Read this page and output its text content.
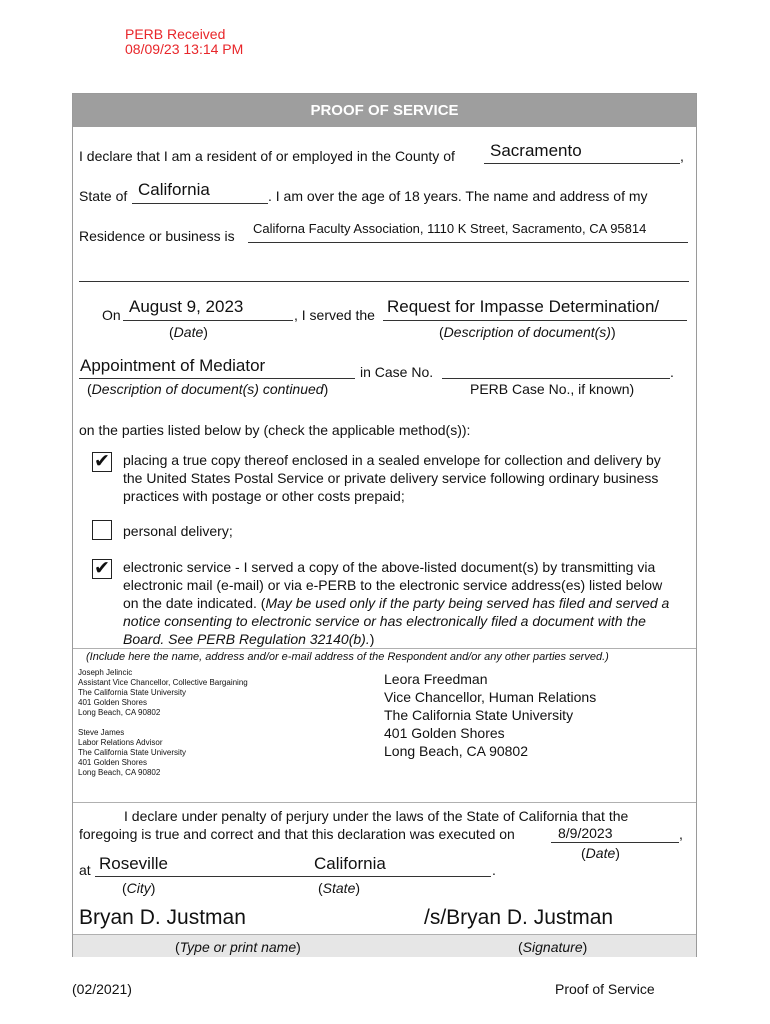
PERB Received
08/09/23 13:14 PM
PROOF OF SERVICE
I declare that I am a resident of or employed in the County of Sacramento	,
State of California	. I am over the age of 18 years. The name and address of my
Residence or business is Californa Faculty Association, 1110 K Street, Sacramento, CA 95814
On August 9, 2023	, I served the Request for Impasse Determination/
(Date)	(Description of document(s))
Appointment of Mediator	in Case No.	.
(Description of document(s) continued)	PERB Case No., if known)
on the parties listed below by (check the applicable method(s)):
✔ placing a true copy thereof enclosed in a sealed envelope for collection and delivery by the United States Postal Service or private delivery service following ordinary business practices with postage or other costs prepaid;
personal delivery;
✔ electronic service - I served a copy of the above-listed document(s) by transmitting via electronic mail (e-mail) or via e-PERB to the electronic service address(es) listed below on the date indicated. (May be used only if the party being served has filed and served a notice consenting to electronic service or has electronically filed a document with the Board. See PERB Regulation 32140(b).)
(Include here the name, address and/or e-mail address of the Respondent and/or any other parties served.)
Joseph Jelincic
Assistant Vice Chancellor, Collective Bargaining
The California State University
401 Golden Shores
Long Beach, CA 90802
Steve James
Labor Relations Advisor
The California State University
401 Golden Shores
Long Beach, CA 90802
Leora Freedman
Vice Chancellor, Human Relations
The California State University
401 Golden Shores
Long Beach, CA 90802
I declare under penalty of perjury under the laws of the State of California that the
foregoing is true and correct and that this declaration was executed on	8/9/2023	,
(Date)
at Roseville	California	.
(City)	(State)
Bryan D. Justman	/s/Bryan D. Justman
(Type or print name)	(Signature)
(02/2021)	Proof of Service
